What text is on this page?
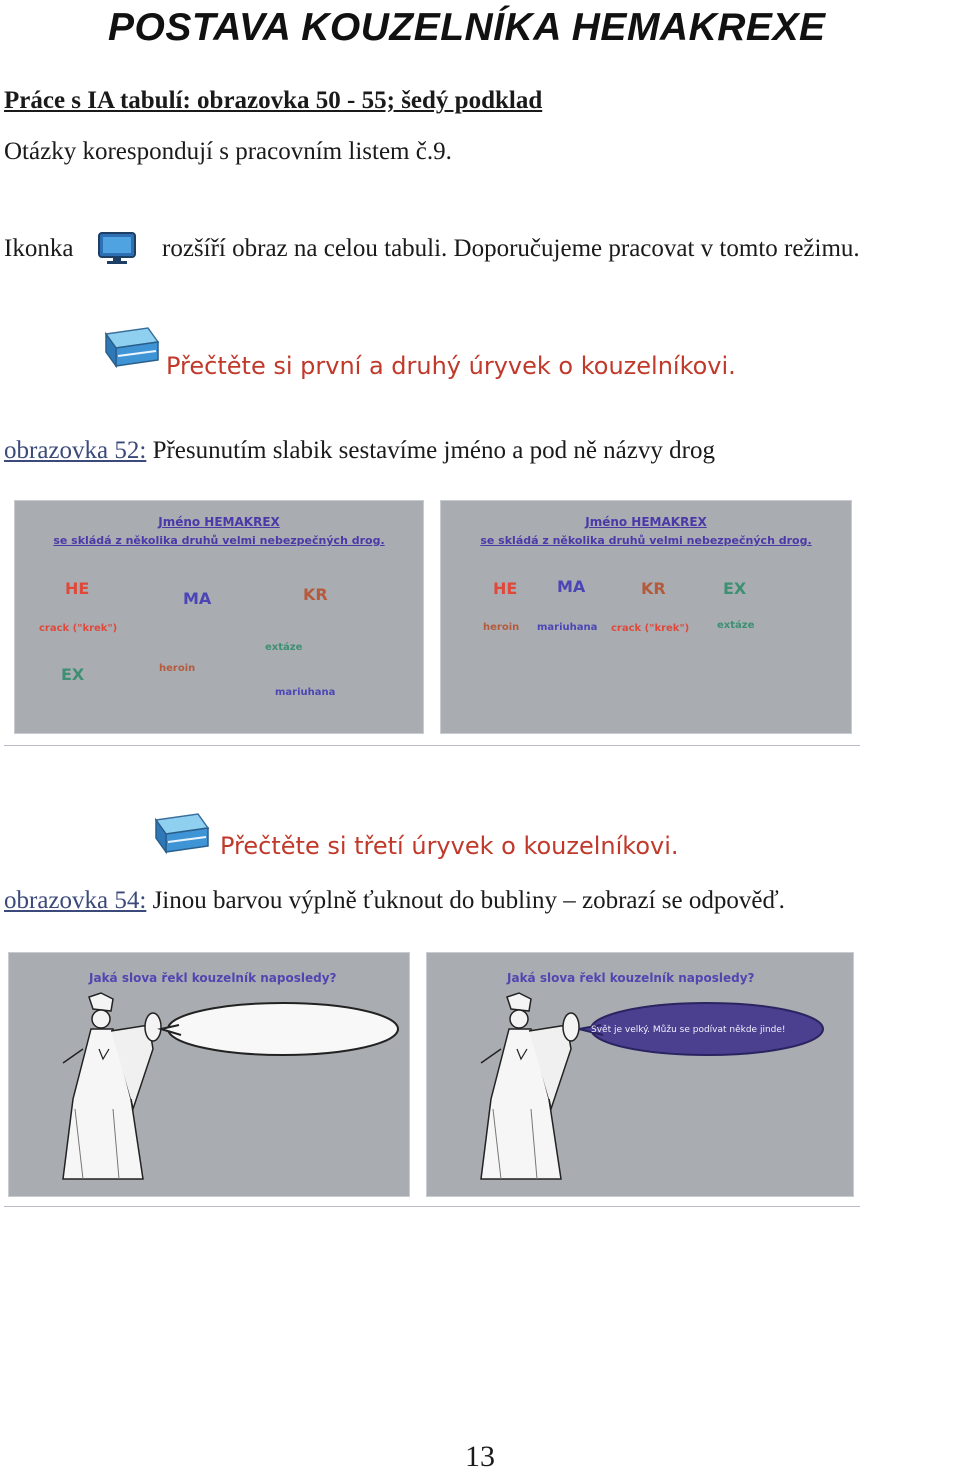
POSTAVA KOUZELNÍKA HEMAKREXE
Práce s IA tabulí: obrazovka 50 - 55; šedý podklad
Otázky korespondují s pracovním listem č.9.
Ikonka	rozšíří obraz na celou tabuli. Doporučujeme pracovat v tomto režimu.
Přečtěte si první a druhý úryvek o kouzelníkovi.
obrazovka 52: Přesunutím slabik sestavíme jméno a pod ně názvy drog
Jméno HEMAKREX
se skládá z několika druhů velmi nebezpečných drog.
HE
MA	KR
EX
crack ("krek")
heroin
extáze
mariuhana
Jméno HEMAKREX
se skládá z několika druhů velmi nebezpečných drog.
HE MA	KR	EX
heroin mariuhana crack ("krek")	extáze
Přečtěte si třetí úryvek o kouzelníkovi.
obrazovka 54: Jinou barvou výplně ťuknout do bubliny – zobrazí se odpověď.
Jaká slova řekl kouzelník naposledy?	Jaká slova řekl kouzelník naposledy?
Svět je velký. Můžu se podívat někde jinde!
13
